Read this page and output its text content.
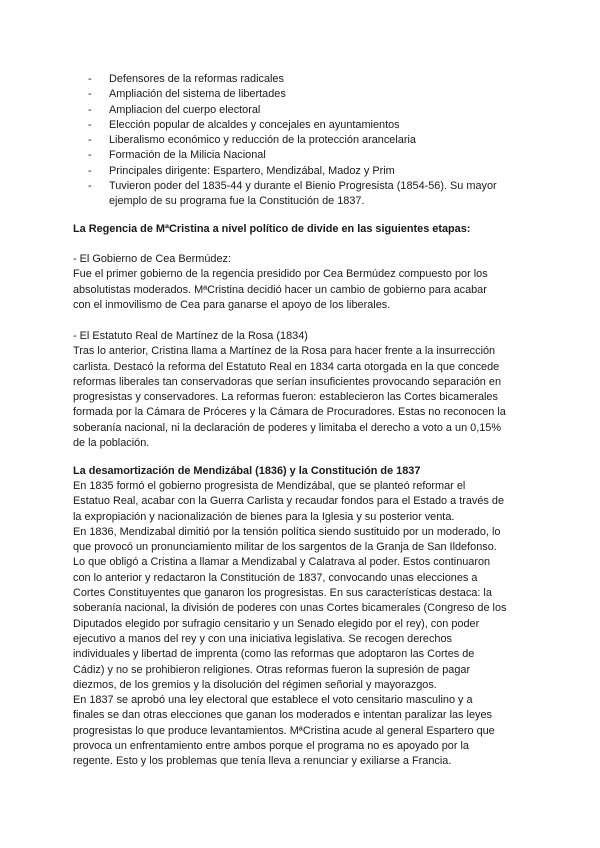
- Defensores de la reformas radicales
- Ampliación del sistema de libertades
- Ampliacion del cuerpo electoral
- Elección popular de alcaldes y concejales en ayuntamientos
- Liberalismo económico y reducción de la protección arancelaria
- Formación de la Milicia Nacional
- Principales dirigente: Espartero, Mendizábal, Madoz y Prim
- Tuvieron poder del 1835-44 y durante el Bienio Progresista (1854-56). Su mayor ejemplo de su programa fue la Constitución de 1837.
La Regencia de MªCristina a nivel político de divide en las siguientes etapas:
- El Gobierno de Cea Bermúdez:
Fue el primer gobierno de la regencia presidido por Cea Bermúdez compuesto por los
absolutistas moderados. MªCristina decidió hacer un cambio de gobierno para acabar
con el inmovilismo de Cea para ganarse el apoyo de los liberales.
- El Estatuto Real de Martínez de la Rosa (1834)
Tras lo anterior, Cristina llama a Martínez de la Rosa para hacer frente a la insurrección
carlista. Destacó la reforma del Estatuto Real en 1834 carta otorgada en la que concede
reformas liberales tan conservadoras que serían insuficientes provocando separación en
progresistas y conservadores. La reformas fueron: establecieron las Cortes bicamerales
formada por la Cámara de Próceres y la Cámara de Procuradores. Estas no reconocen la
soberanía nacional, ni la declaración de poderes y limitaba el derecho a voto a un 0,15%
de la población.
La desamortización de Mendizábal (1836) y la Constitución de 1837
En 1835 formó el gobierno progresista de Mendizábal, que se planteó reformar el
Estatuo Real, acabar con la Guerra Carlista y recaudar fondos para el Estado a través de
la expropiación y nacionalización de bienes para la Iglesia y su posterior venta.
En 1836, Mendizabal dimitió por la tensión política siendo sustituido por un moderado, lo
que provocó un pronunciamiento militar de los sargentos de la Granja de San Ildefonso.
Lo que obligó a Cristina a llamar a Mendizabal y Calatrava al poder. Estos continuaron
con lo anterior y redactaron la Constitución de 1837, convocando unas elecciones a
Cortes Constituyentes que ganaron los progresistas. En sus características destaca: la
soberanía nacional, la división de poderes con unas Cortes bicamerales (Congreso de los
Diputados elegido por sufragio censitario y un Senado elegido por el rey), con poder
ejecutivo a manos del rey y con una iniciativa legislativa. Se recogen derechos
individuales y libertad de imprenta (como las reformas que adoptaron las Cortes de
Cádiz) y no se prohibieron religiones. Otras reformas fueron la supresión de pagar
diezmos, de los gremios y la disolución del régimen señorial y mayorazgos.
En 1837 se aprobó una ley electoral que establece el voto censitario masculino y a
finales se dan otras elecciones que ganan los moderados e intentan paralizar las leyes
progresistas lo que produce levantamientos. MªCristina acude al general Espartero que
provoca un enfrentamiento entre ambos porque el programa no es apoyado por la
regente. Esto y los problemas que tenía lleva a renunciar y exiliarse a Francia.
